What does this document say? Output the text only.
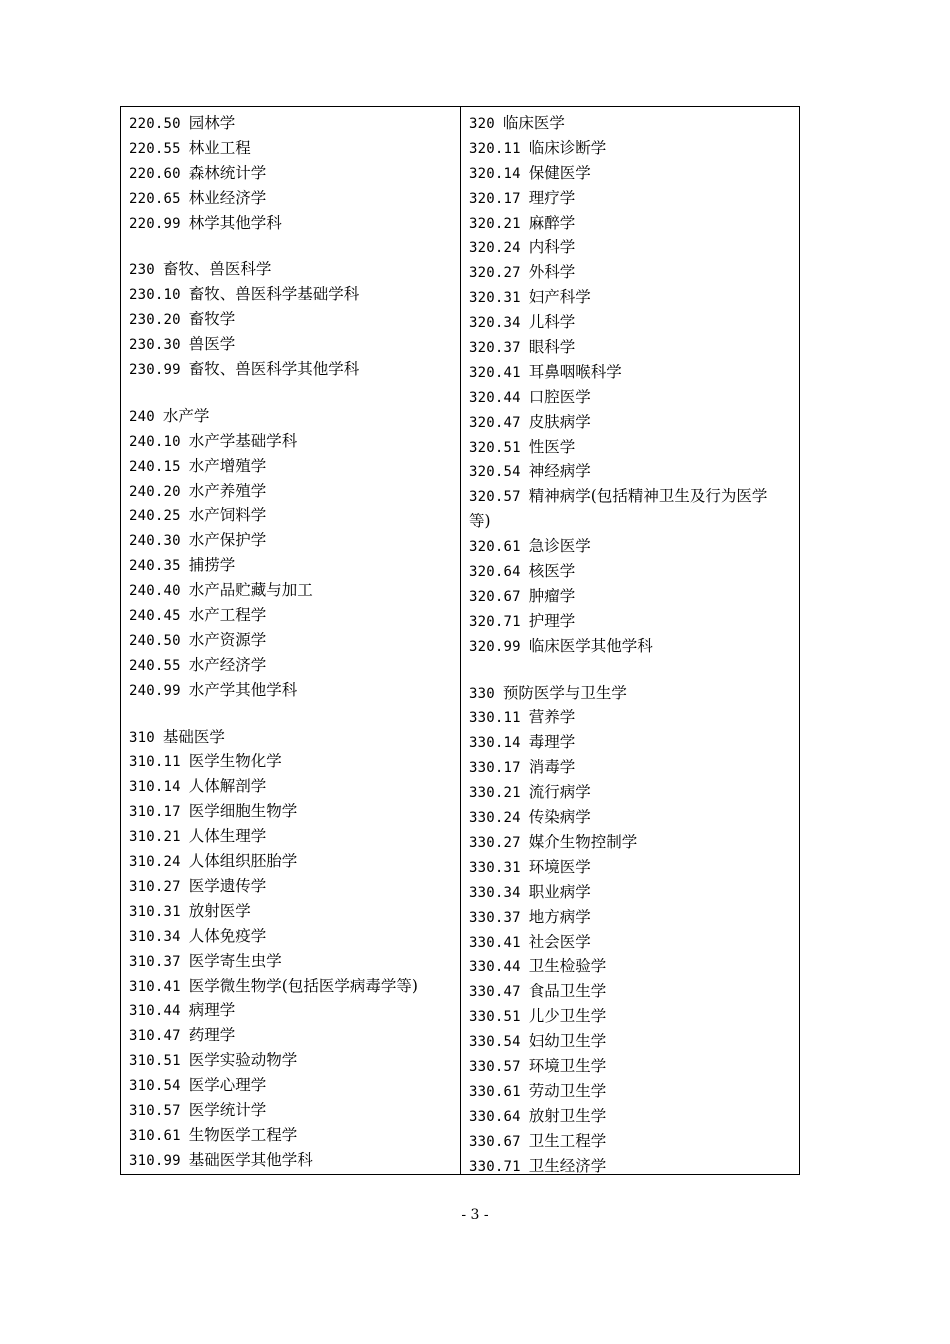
220.50 园林学
220.55 林业工程
220.60 森林统计学
220.65 林业经济学
220.99 林学其他学科
230 畜牧、兽医科学
230.10 畜牧、兽医科学基础学科
230.20 畜牧学
230.30 兽医学
230.99 畜牧、兽医科学其他学科
240 水产学
240.10 水产学基础学科
240.15 水产增殖学
240.20 水产养殖学
240.25 水产饲料学
240.30 水产保护学
240.35 捕捞学
240.40 水产品贮藏与加工
240.45 水产工程学
240.50 水产资源学
240.55 水产经济学
240.99 水产学其他学科
310 基础医学
310.11 医学生物化学
310.14 人体解剖学
310.17 医学细胞生物学
310.21 人体生理学
310.24 人体组织胚胎学
310.27 医学遗传学
310.31 放射医学
310.34 人体免疫学
310.37 医学寄生虫学
310.41 医学微生物学(包括医学病毒学等)
310.44 病理学
310.47 药理学
310.51 医学实验动物学
310.54 医学心理学
310.57 医学统计学
310.61 生物医学工程学
310.99 基础医学其他学科
320 临床医学
320.11 临床诊断学
320.14 保健医学
320.17 理疗学
320.21 麻醉学
320.24 内科学
320.27 外科学
320.31 妇产科学
320.34 儿科学
320.37 眼科学
320.41 耳鼻咽喉科学
320.44 口腔医学
320.47 皮肤病学
320.51 性医学
320.54 神经病学
320.57 精神病学(包括精神卫生及行为医学
等)
320.61 急诊医学
320.64 核医学
320.67 肿瘤学
320.71 护理学
320.99 临床医学其他学科
330 预防医学与卫生学
330.11 营养学
330.14 毒理学
330.17 消毒学
330.21 流行病学
330.24 传染病学
330.27 媒介生物控制学
330.31 环境医学
330.34 职业病学
330.37 地方病学
330.41 社会医学
330.44 卫生检验学
330.47 食品卫生学
330.51 儿少卫生学
330.54 妇幼卫生学
330.57 环境卫生学
330.61 劳动卫生学
330.64 放射卫生学
330.67 卫生工程学
330.71 卫生经济学
- 3 -
